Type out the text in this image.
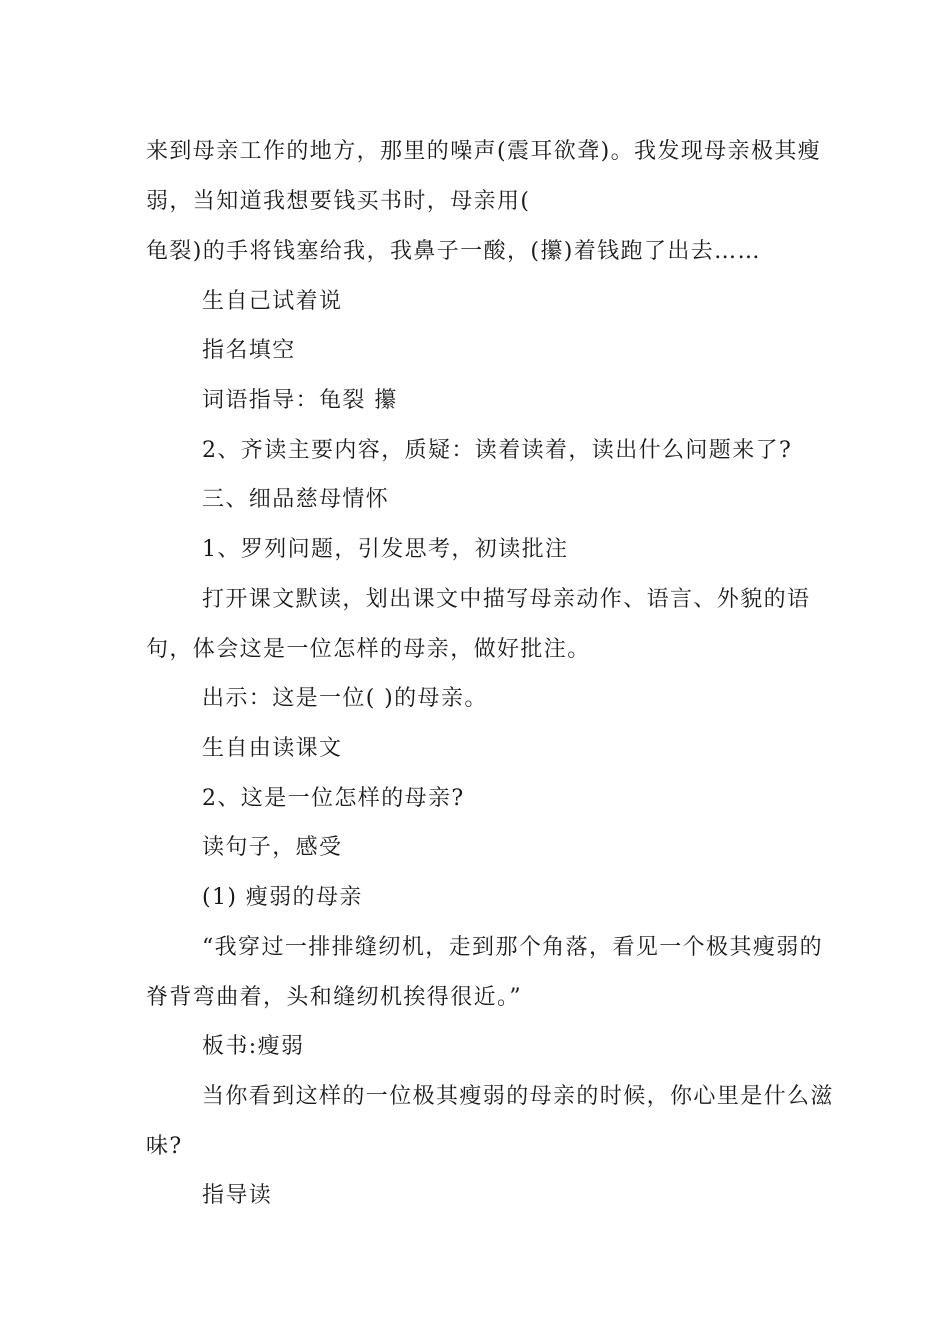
来到母亲工作的地方，那里的噪声(震耳欲聋)。我发现母亲极其瘦
弱，当知道我想要钱买书时，母亲用(
龟裂)的手将钱塞给我，我鼻子一酸，(攥)着钱跑了出去……
生自己试着说
指名填空
词语指导：龟裂 攥
2、齐读主要内容，质疑：读着读着，读出什么问题来了?
三、细品慈母情怀
1、罗列问题，引发思考，初读批注
打开课文默读，划出课文中描写母亲动作、语言、外貌的语
句，体会这是一位怎样的母亲，做好批注。
出示：这是一位( )的母亲。
生自由读课文
2、这是一位怎样的母亲?
读句子，感受
(1) 瘦弱的母亲
“我穿过一排排缝纫机，走到那个角落，看见一个极其瘦弱的
脊背弯曲着，头和缝纫机挨得很近。”
板书:瘦弱
当你看到这样的一位极其瘦弱的母亲的时候，你心里是什么滋
味?
指导读
